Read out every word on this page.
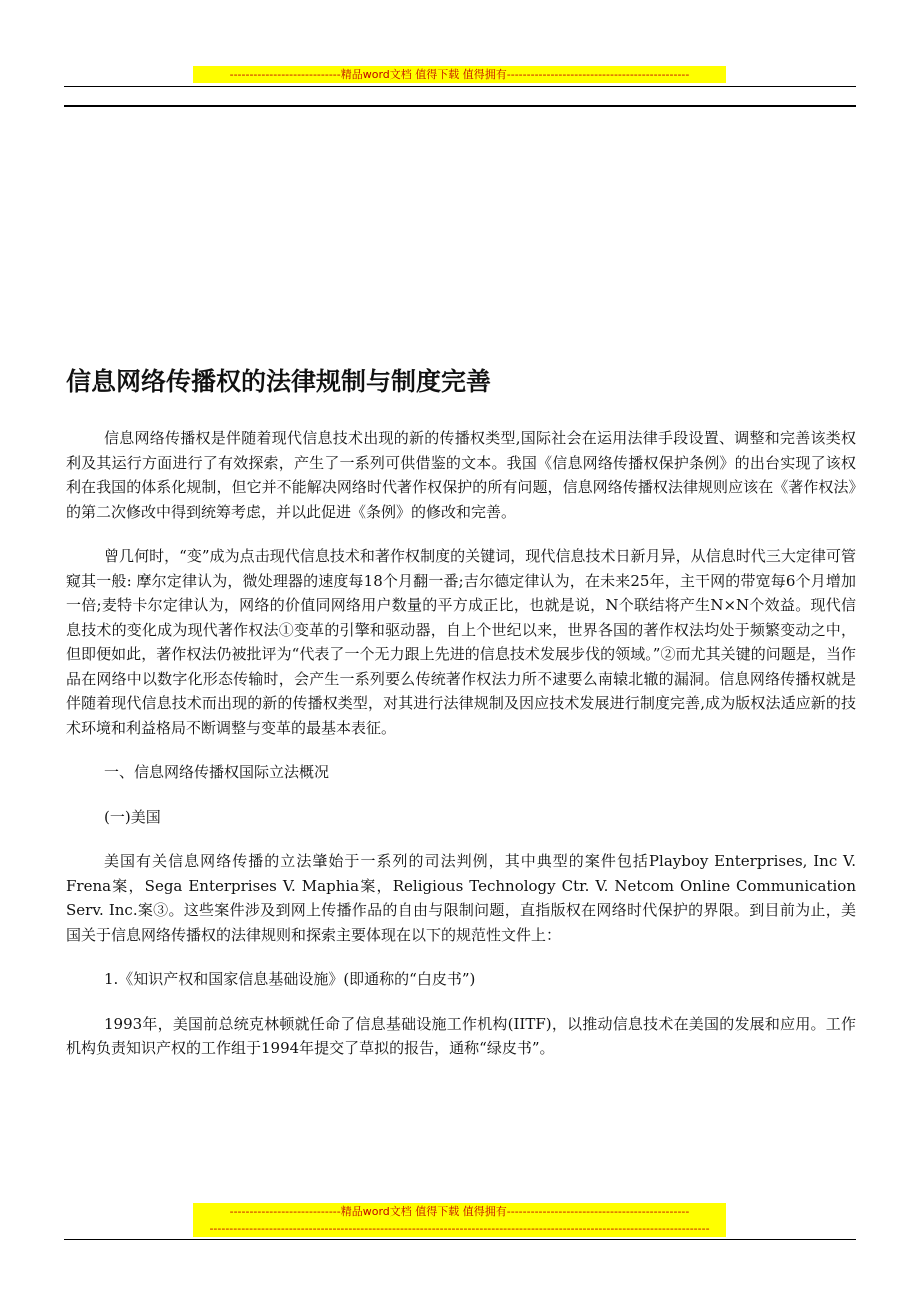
----------------------------精品word文档 值得下载 值得拥有----------------------------------------------
信息网络传播权的法律规制与制度完善

信息网络传播权是伴随着现代信息技术出现的新的传播权类型,国际社会在运用法律手段设置、调整和完善该类权利及其运行方面进行了有效探索，产生了一系列可供借鉴的文本。我国《信息网络传播权保护条例》的出台实现了该权利在我国的体系化规制，但它并不能解决网络时代著作权保护的所有问题，信息网络传播权法律规则应该在《著作权法》的第二次修改中得到统筹考虑，并以此促进《条例》的修改和完善。

曾几何时，“变”成为点击现代信息技术和著作权制度的关键词，现代信息技术日新月异，从信息时代三大定律可管窥其一般: 摩尔定律认为，微处理器的速度每18个月翻一番;吉尔德定律认为，在未来25年，主干网的带宽每6个月增加一倍;麦特卡尔定律认为，网络的价值同网络用户数量的平方成正比，也就是说，N个联结将产生N×N个效益。现代信息技术的变化成为现代著作权法①变革的引擎和驱动器，自上个世纪以来，世界各国的著作权法均处于频繁变动之中，但即便如此，著作权法仍被批评为“代表了一个无力跟上先进的信息技术发展步伐的领域。”②而尤其关键的问题是，当作品在网络中以数字化形态传输时，会产生一系列要么传统著作权法力所不逮要么南辕北辙的漏洞。信息网络传播权就是伴随着现代信息技术而出现的新的传播权类型，对其进行法律规制及因应技术发展进行制度完善,成为版权法适应新的技术环境和利益格局不断调整与变革的最基本表征。

一、信息网络传播权国际立法概况

(一)美国

美国有关信息网络传播的立法肇始于一系列的司法判例，其中典型的案件包括Playboy Enterprises, Inc V. Frena案，Sega Enterprises V. Maphia案，Religious Technology Ctr. V. Netcom Online Communication Serv. Inc.案③。这些案件涉及到网上传播作品的自由与限制问题，直指版权在网络时代保护的界限。到目前为止，美国关于信息网络传播权的法律规则和探索主要体现在以下的规范性文件上：

1.《知识产权和国家信息基础设施》(即通称的“白皮书”)

1993年，美国前总统克林顿就任命了信息基础设施工作机构(IITF)，以推动信息技术在美国的发展和应用。工作机构负责知识产权的工作组于1994年提交了草拟的报告，通称“绿皮书”。

----------------------------精品word文档 值得下载 值得拥有----------------------------------------------
------------------------------------------------------------------------------------------------------------------------------
